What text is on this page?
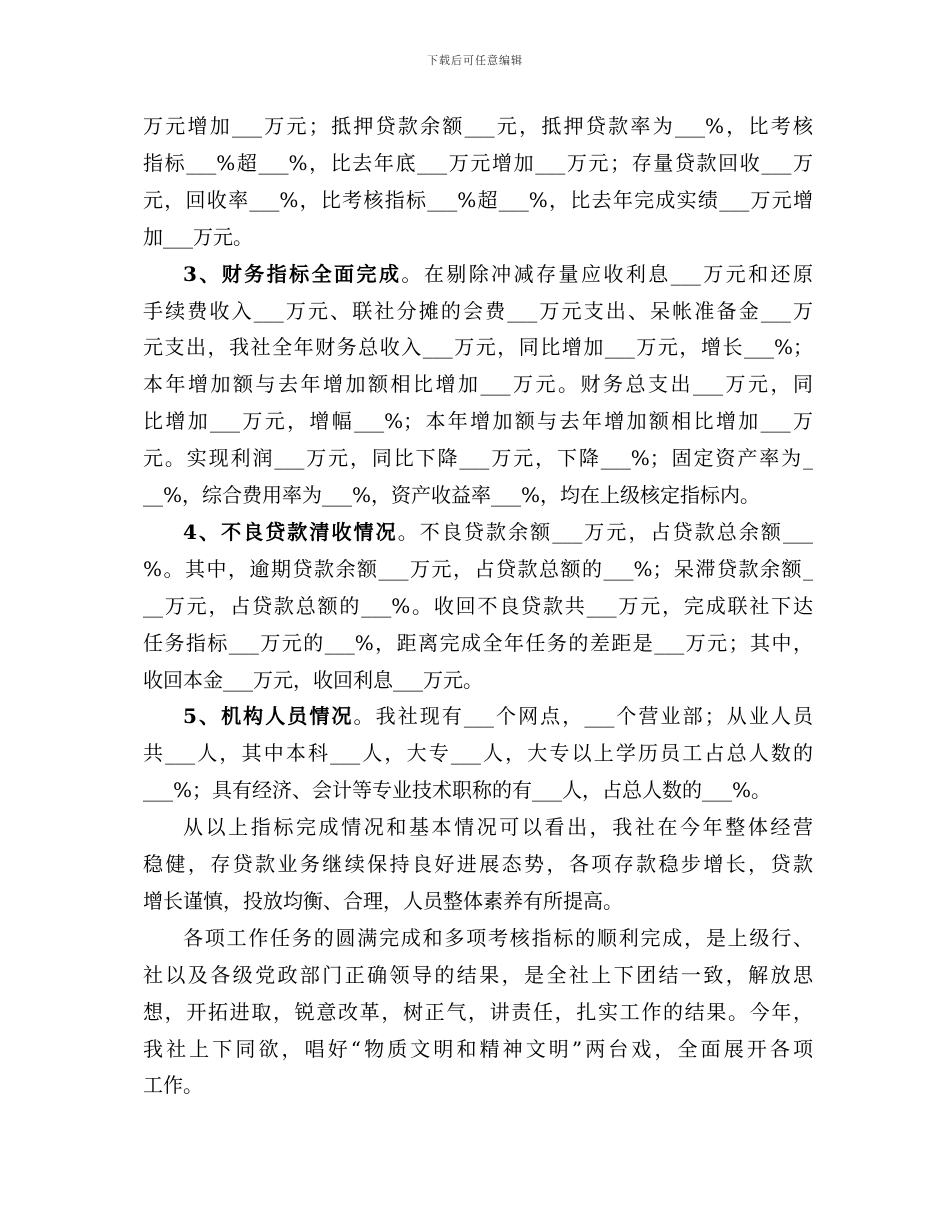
下载后可任意编辑
万元增加___万元；抵押贷款余额___元，抵押贷款率为___%，比考核
指标___%超___%，比去年底___万元增加___万元；存量贷款回收___万
元，回收率___%，比考核指标___%超___%，比去年完成实绩___万元增
加___万元。
3、财务指标全面完成。在剔除冲减存量应收利息___万元和还原
手续费收入___万元、联社分摊的会费___万元支出、呆帐准备金___万
元支出，我社全年财务总收入___万元，同比增加___万元，增长___%；
本年增加额与去年增加额相比增加___万元。财务总支出___万元，同
比增加___万元，增幅___%；本年增加额与去年增加额相比增加___万
元。实现利润___万元，同比下降___万元，下降___%；固定资产率为_
__%，综合费用率为___%，资产收益率___%，均在上级核定指标内。
4、不良贷款清收情况。不良贷款余额___万元，占贷款总余额___
%。其中，逾期贷款余额___万元，占贷款总额的___%；呆滞贷款余额_
__万元，占贷款总额的___%。收回不良贷款共___万元，完成联社下达
任务指标___万元的___%，距离完成全年任务的差距是___万元；其中，
收回本金___万元，收回利息___万元。
5、机构人员情况。我社现有___个网点，___个营业部；从业人员
共___人，其中本科___人，大专___人，大专以上学历员工占总人数的
___%；具有经济、会计等专业技术职称的有___人，占总人数的___%。
从以上指标完成情况和基本情况可以看出，我社在今年整体经营
稳健，存贷款业务继续保持良好进展态势，各项存款稳步增长，贷款
增长谨慎，投放均衡、合理，人员整体素养有所提高。
各项工作任务的圆满完成和多项考核指标的顺利完成，是上级行、
社以及各级党政部门正确领导的结果，是全社上下团结一致，解放思
想，开拓进取，锐意改革，树正气，讲责任，扎实工作的结果。今年，
我社上下同欲，唱好“物质文明和精神文明”两台戏，全面展开各项
工作。
